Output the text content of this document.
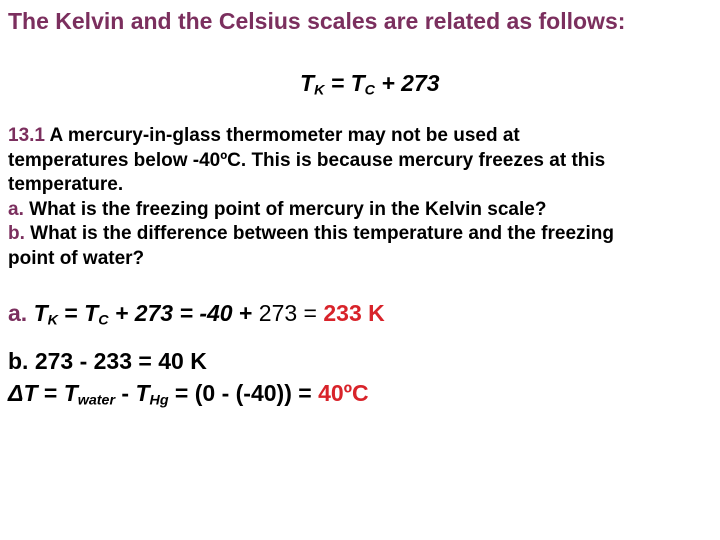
The Kelvin and the Celsius scales are related as follows:
$T_K = T_C + 273$
13.1 A mercury-in-glass thermometer may not be used at
temperatures below -40ºC. This is because mercury freezes at this
temperature.
a. What is the freezing point of mercury in the Kelvin scale?
b. What is the difference between this temperature and the freezing
point of water?
a. $T_K = T_C + 273 = -40 + 273 = 233$ K
b. 273 - 233 = 40 K
$\Delta T = T_{water} - T_{Hg} = (0 - (-40))$ = 40ºC
